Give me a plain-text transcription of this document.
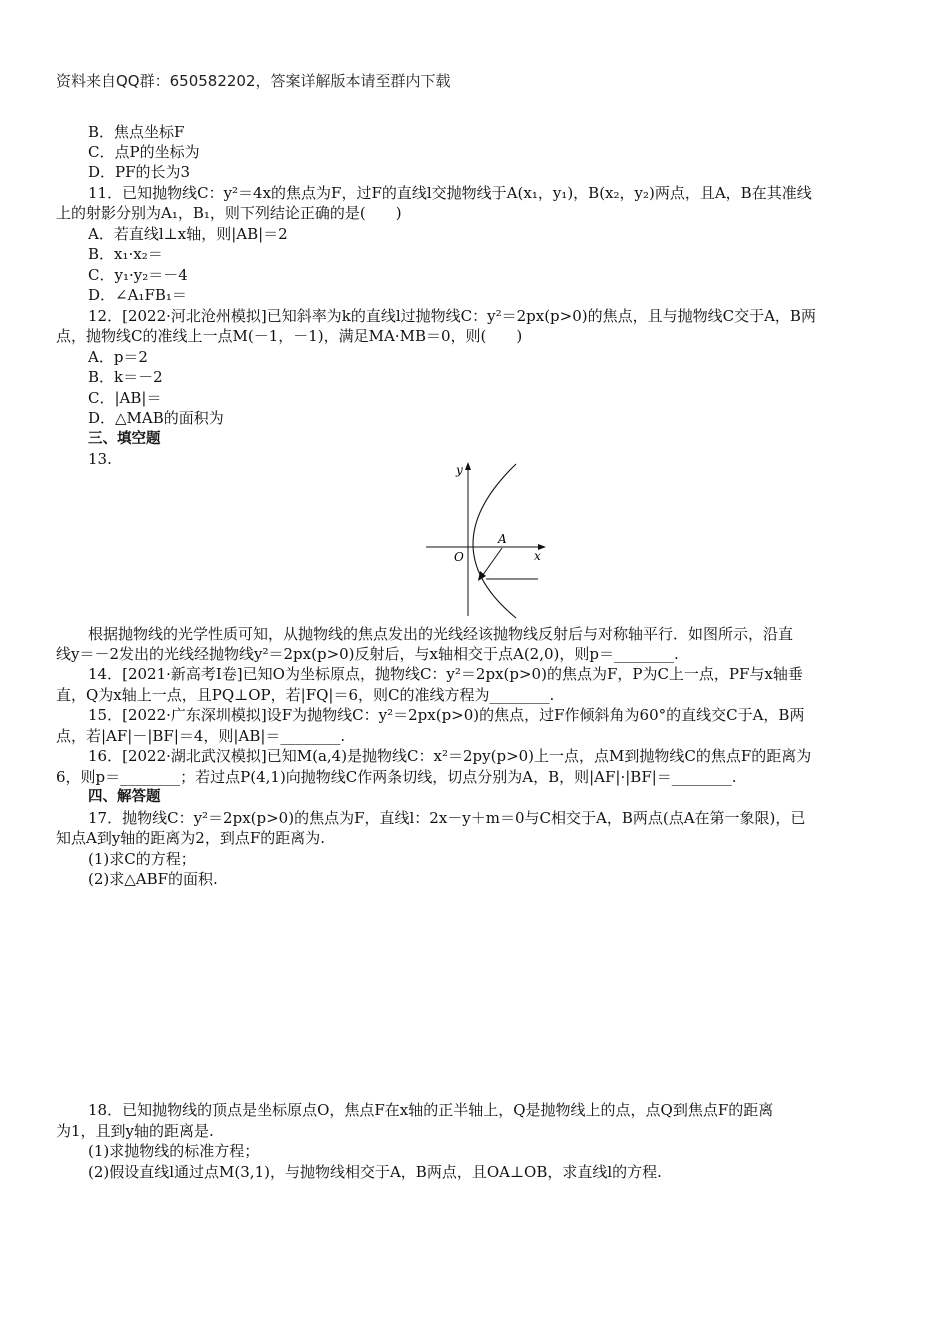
资料来自QQ群：650582202，答案详解版本请至群内下载
B．焦点坐标F
C．点P的坐标为
D．PF的长为3
11．已知抛物线C：y²＝4x的焦点为F，过F的直线l交抛物线于A(x₁，y₁)，B(x₂，y₂)两点，且A，B在其准线
上的射影分别为A₁，B₁，则下列结论正确的是(　　)
A．若直线l⊥x轴，则|AB|＝2
B．x₁·x₂＝
C．y₁·y₂＝－4
D．∠A₁FB₁＝
12．[2022·河北沧州模拟]已知斜率为k的直线l过抛物线C：y²＝2px(p>0)的焦点，且与抛物线C交于A，B两
点，抛物线C的准线上一点M(－1，－1)，满足MA·MB＝0，则(　　)
A．p＝2
B．k＝－2
C．|AB|＝
D．△MAB的面积为
三、填空题
13.
y
x
O
A
根据抛物线的光学性质可知，从抛物线的焦点发出的光线经该抛物线反射后与对称轴平行．如图所示，沿直
线y＝－2发出的光线经抛物线y²＝2px(p>0)反射后，与x轴相交于点A(2,0)，则p＝________.
14．[2021·新高考Ⅰ卷]已知O为坐标原点，抛物线C：y²＝2px(p>0)的焦点为F，P为C上一点，PF与x轴垂
直，Q为x轴上一点，且PQ⊥OP，若|FQ|＝6，则C的准线方程为________.
15．[2022·广东深圳模拟]设F为抛物线C：y²＝2px(p>0)的焦点，过F作倾斜角为60°的直线交C于A，B两
点，若|AF|－|BF|＝4，则|AB|＝________.
16．[2022·湖北武汉模拟]已知M(a,4)是抛物线C：x²＝2py(p>0)上一点，点M到抛物线C的焦点F的距离为
6，则p＝________；若过点P(4,1)向抛物线C作两条切线，切点分别为A，B，则|AF|·|BF|＝________.
四、解答题
17．抛物线C：y²＝2px(p>0)的焦点为F，直线l：2x－y＋m＝0与C相交于A，B两点(点A在第一象限)，已
知点A到y轴的距离为2，到点F的距离为.
(1)求C的方程；
(2)求△ABF的面积.
18．已知抛物线的顶点是坐标原点O，焦点F在x轴的正半轴上，Q是抛物线上的点，点Q到焦点F的距离
为1，且到y轴的距离是.
(1)求抛物线的标准方程；
(2)假设直线l通过点M(3,1)，与抛物线相交于A，B两点，且OA⊥OB，求直线l的方程.
